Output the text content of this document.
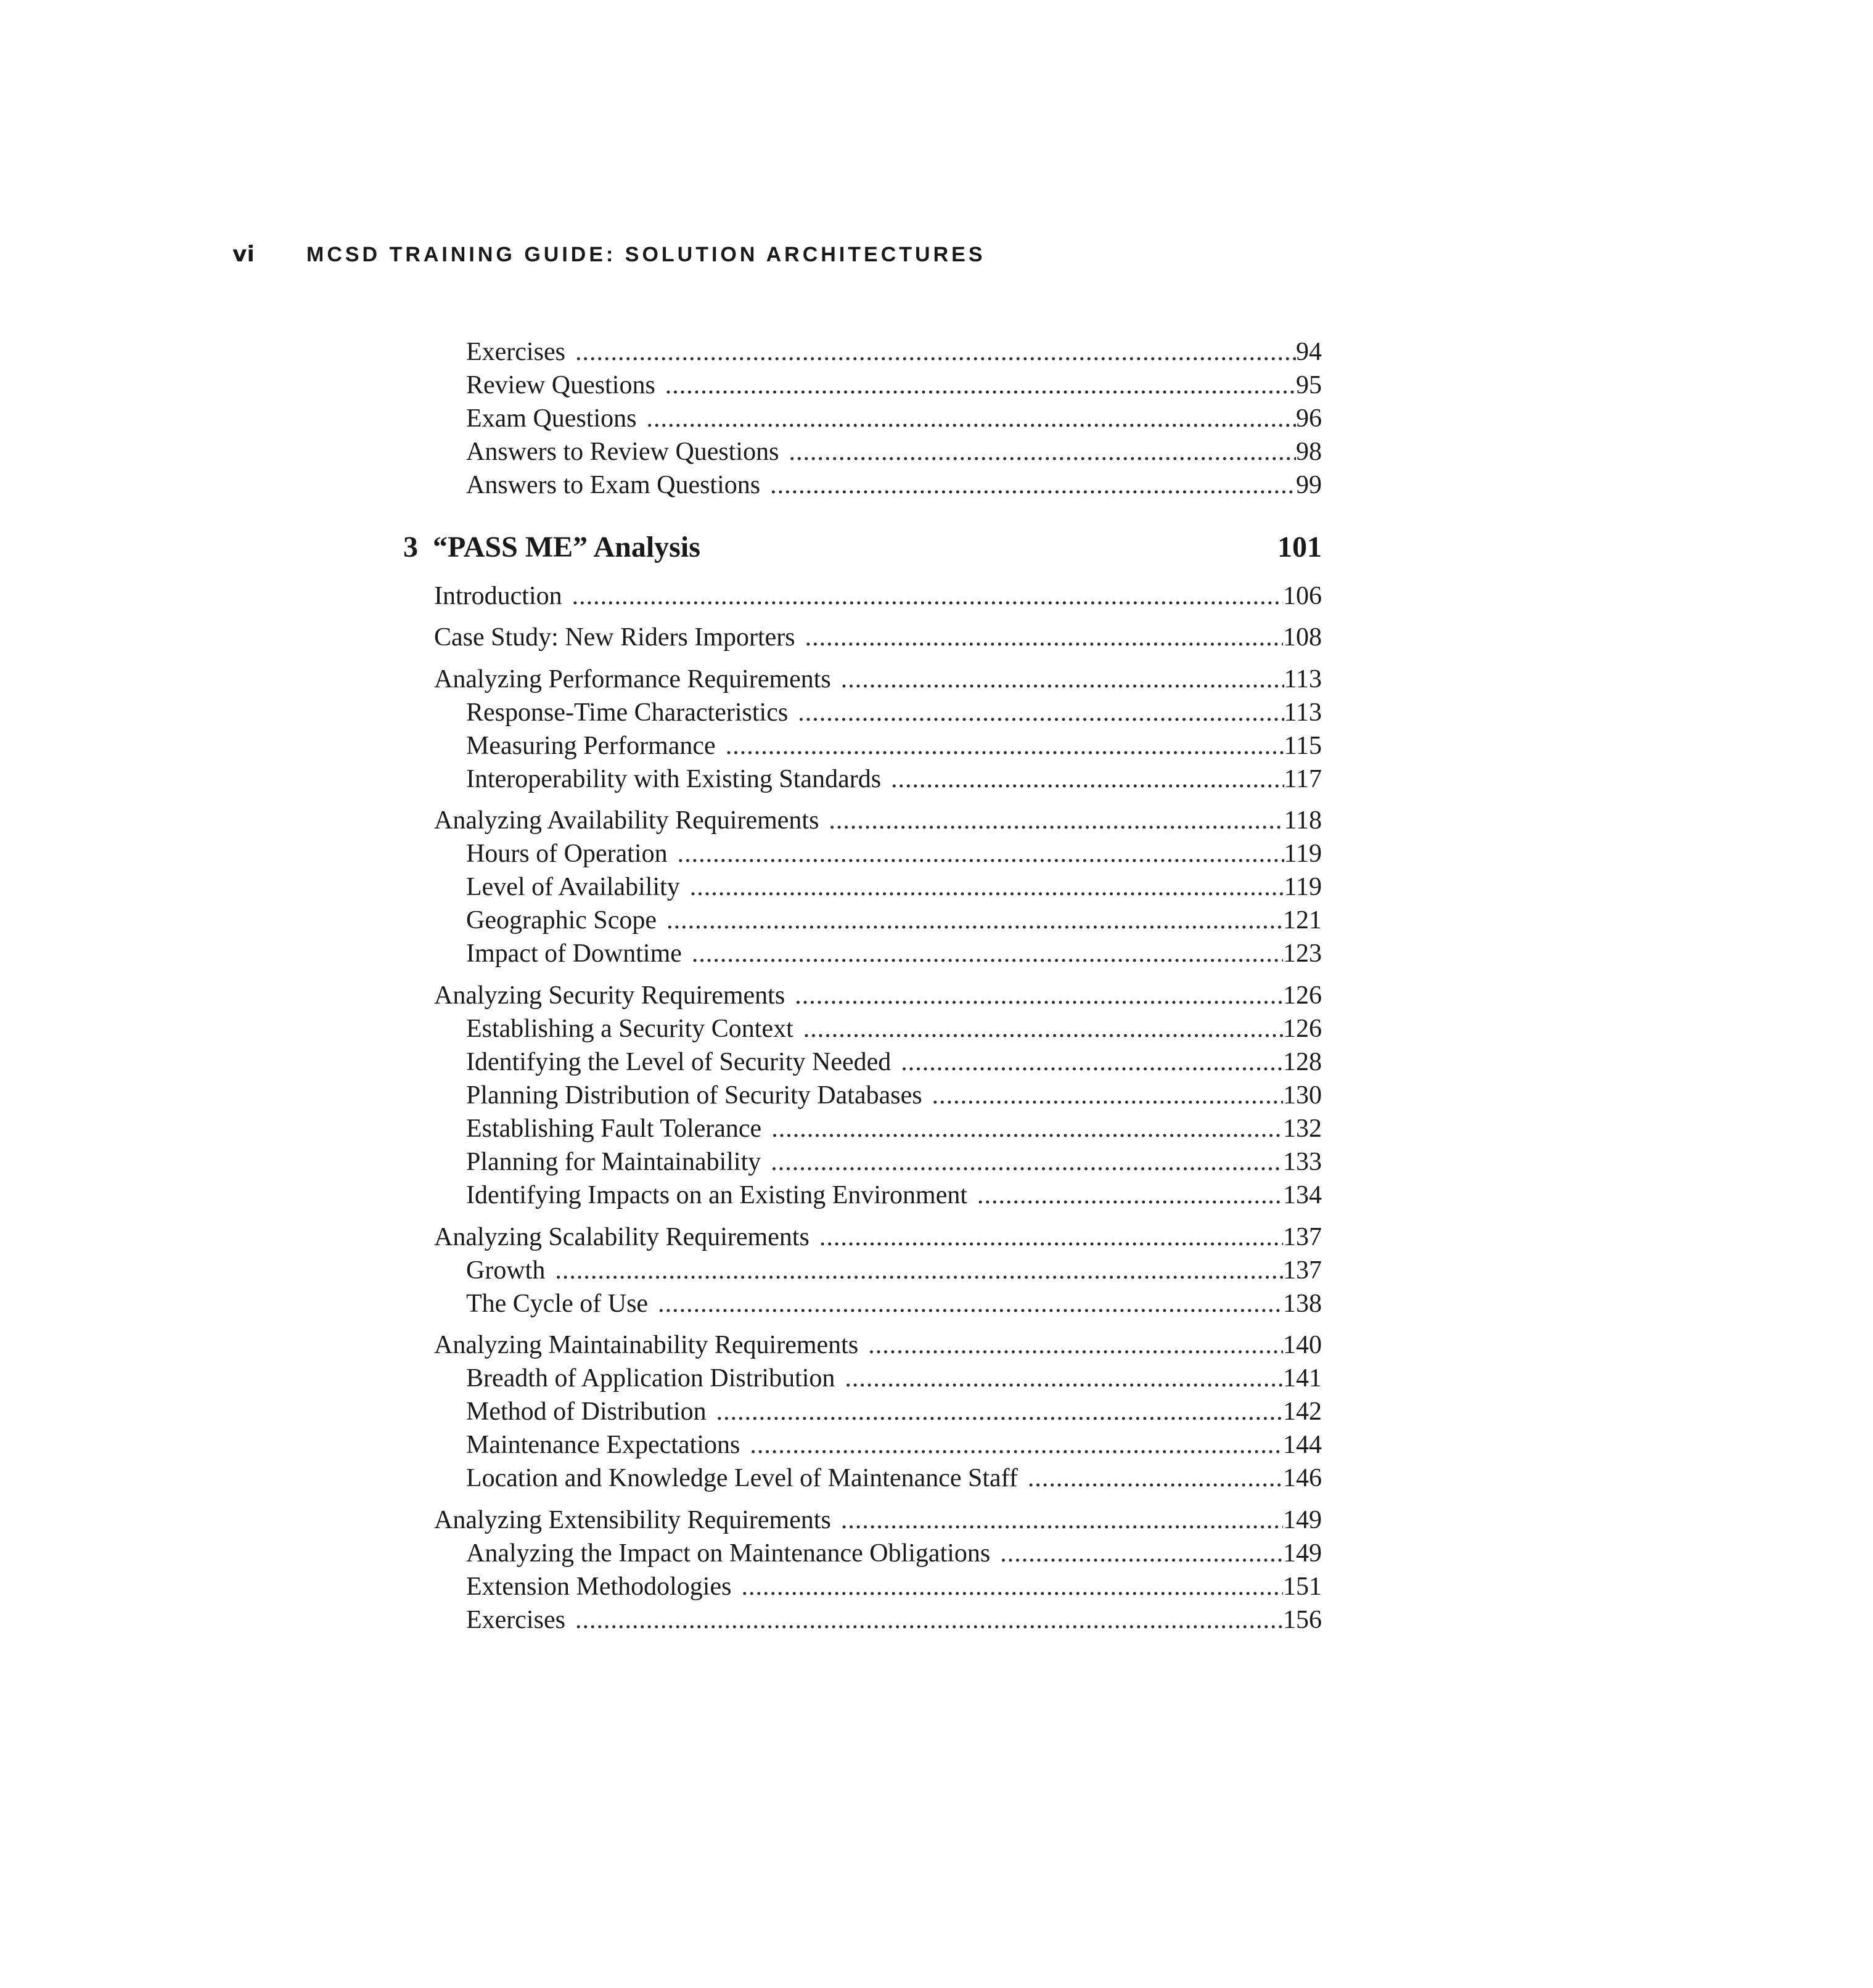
vi MCSD TRAINING GUIDE: SOLUTION ARCHITECTURES
Exercises .....	94
Review Questions .....	95
Exam Questions .....	96
Answers to Review Questions .....	98
Answers to Exam Questions .....	99
3 “PASS ME” Analysis	101
Introduction .....	106
Case Study: New Riders Importers .....	108
Analyzing Performance Requirements .....	113
Response-Time Characteristics .....	113
Measuring Performance .....	115
Interoperability with Existing Standards .....	117
Analyzing Availability Requirements .....	118
Hours of Operation .....	119
Level of Availability .....	119
Geographic Scope .....	121
Impact of Downtime .....	123
Analyzing Security Requirements .....	126
Establishing a Security Context .....	126
Identifying the Level of Security Needed .....	128
Planning Distribution of Security Databases .....	130
Establishing Fault Tolerance .....	132
Planning for Maintainability .....	133
Identifying Impacts on an Existing Environment .....	134
Analyzing Scalability Requirements .....	137
Growth .....	137
The Cycle of Use .....	138
Analyzing Maintainability Requirements .....	140
Breadth of Application Distribution .....	141
Method of Distribution .....	142
Maintenance Expectations .....	144
Location and Knowledge Level of Maintenance Staff .....	146
Analyzing Extensibility Requirements .....	149
Analyzing the Impact on Maintenance Obligations .....	149
Extension Methodologies .....	151
Exercises .....	156
